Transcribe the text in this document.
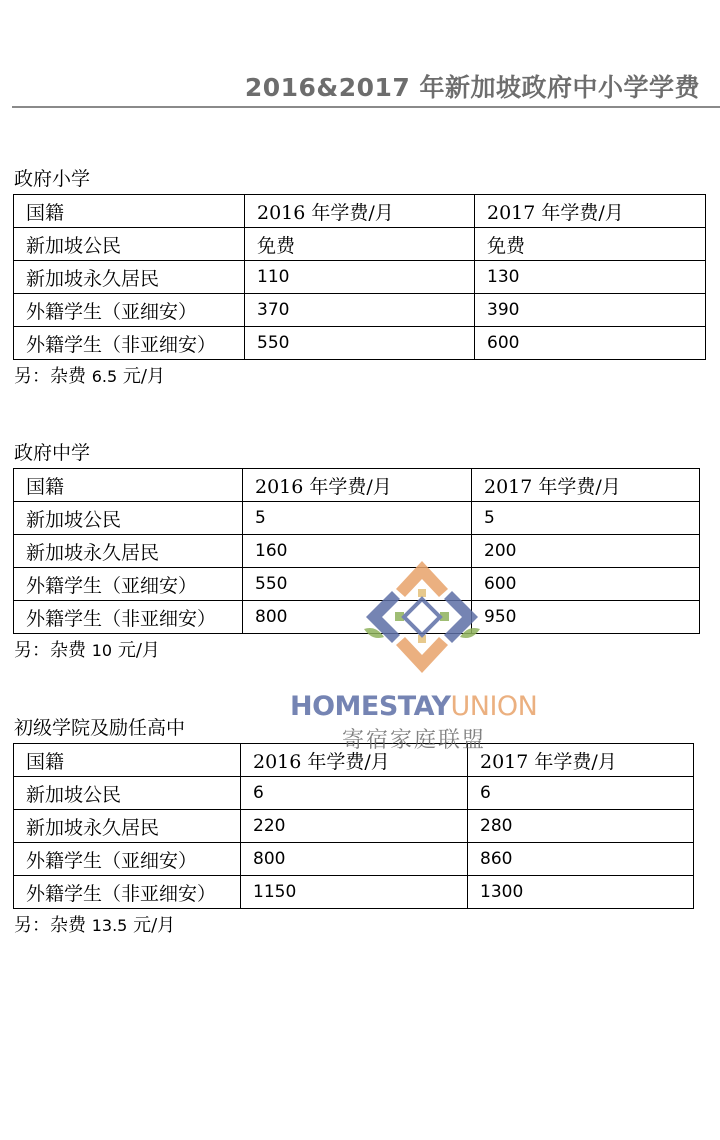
2016&2017 年新加坡政府中小学学费
政府小学
国籍	2016 年学费/月	2017 年学费/月
新加坡公民	免费	免费
新加坡永久居民	110	130
外籍学生（亚细安）	370	390
外籍学生（非亚细安）	550	600
另：杂费 6.5 元/月
政府中学
国籍	2016 年学费/月	2017 年学费/月
新加坡公民	5	5
新加坡永久居民	160	200
外籍学生（亚细安）	550	600
外籍学生（非亚细安）	800	950
另：杂费 10 元/月
初级学院及励任高中
国籍	2016 年学费/月	2017 年学费/月
新加坡公民	6	6
新加坡永久居民	220	280
外籍学生（亚细安）	800	860
外籍学生（非亚细安）	1150	1300
另：杂费 13.5 元/月
HOMESTAYUNION
寄宿家庭联盟
